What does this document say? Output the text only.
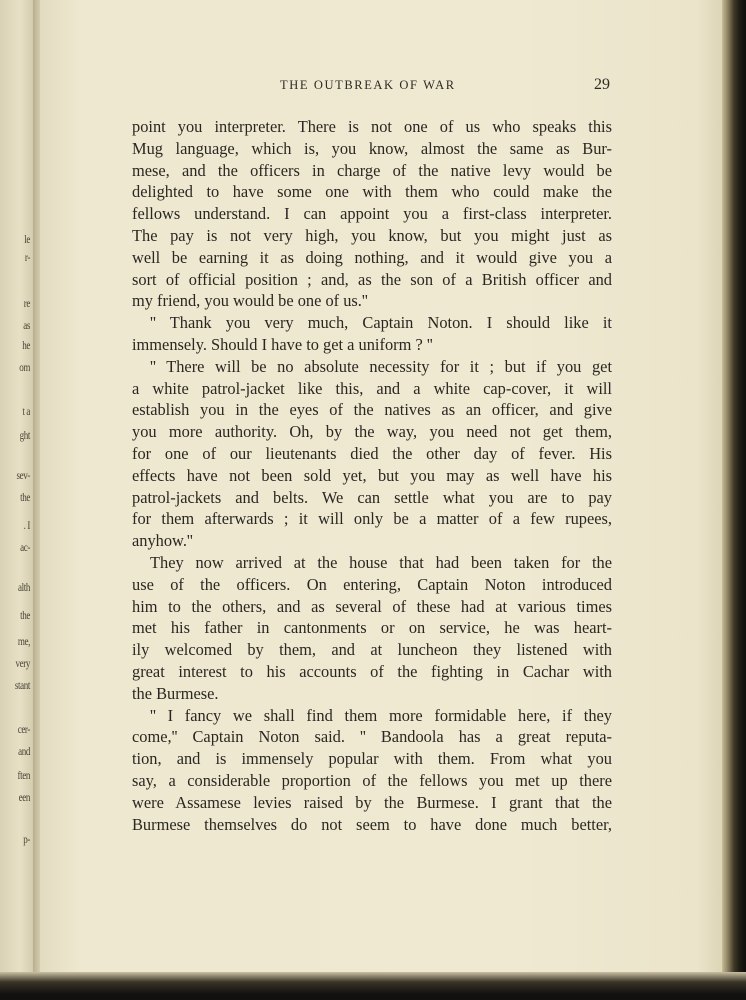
le
r-
re
as
he
om
t a
ght
sev-
the
. I
ac-
alth
the
me,
very
stant
cer-
and
ften
een
p-
THE OUTBREAK OF WAR	29
point you interpreter. There is not one of us who speaks this
Mug language, which is, you know, almost the same as Bur-
mese, and the officers in charge of the native levy would be
delighted to have some one with them who could make the
fellows understand. I can appoint you a first-class interpreter.
The pay is not very high, you know, but you might just as
well be earning it as doing nothing, and it would give you a
sort of official position ; and, as the son of a British officer and
my friend, you would be one of us.''
'' Thank you very much, Captain Noton. I should like it
immensely. Should I have to get a uniform ? ''
'' There will be no absolute necessity for it ; but if you get
a white patrol-jacket like this, and a white cap-cover, it will
establish you in the eyes of the natives as an officer, and give
you more authority. Oh, by the way, you need not get them,
for one of our lieutenants died the other day of fever. His
effects have not been sold yet, but you may as well have his
patrol-jackets and belts. We can settle what you are to pay
for them afterwards ; it will only be a matter of a few rupees,
anyhow.''
They now arrived at the house that had been taken for the
use of the officers. On entering, Captain Noton introduced
him to the others, and as several of these had at various times
met his father in cantonments or on service, he was heart-
ily welcomed by them, and at luncheon they listened with
great interest to his accounts of the fighting in Cachar with
the Burmese.
'' I fancy we shall find them more formidable here, if they
come,'' Captain Noton said. '' Bandoola has a great reputa-
tion, and is immensely popular with them. From what you
say, a considerable proportion of the fellows you met up there
were Assamese levies raised by the Burmese. I grant that the
Burmese themselves do not seem to have done much better,
